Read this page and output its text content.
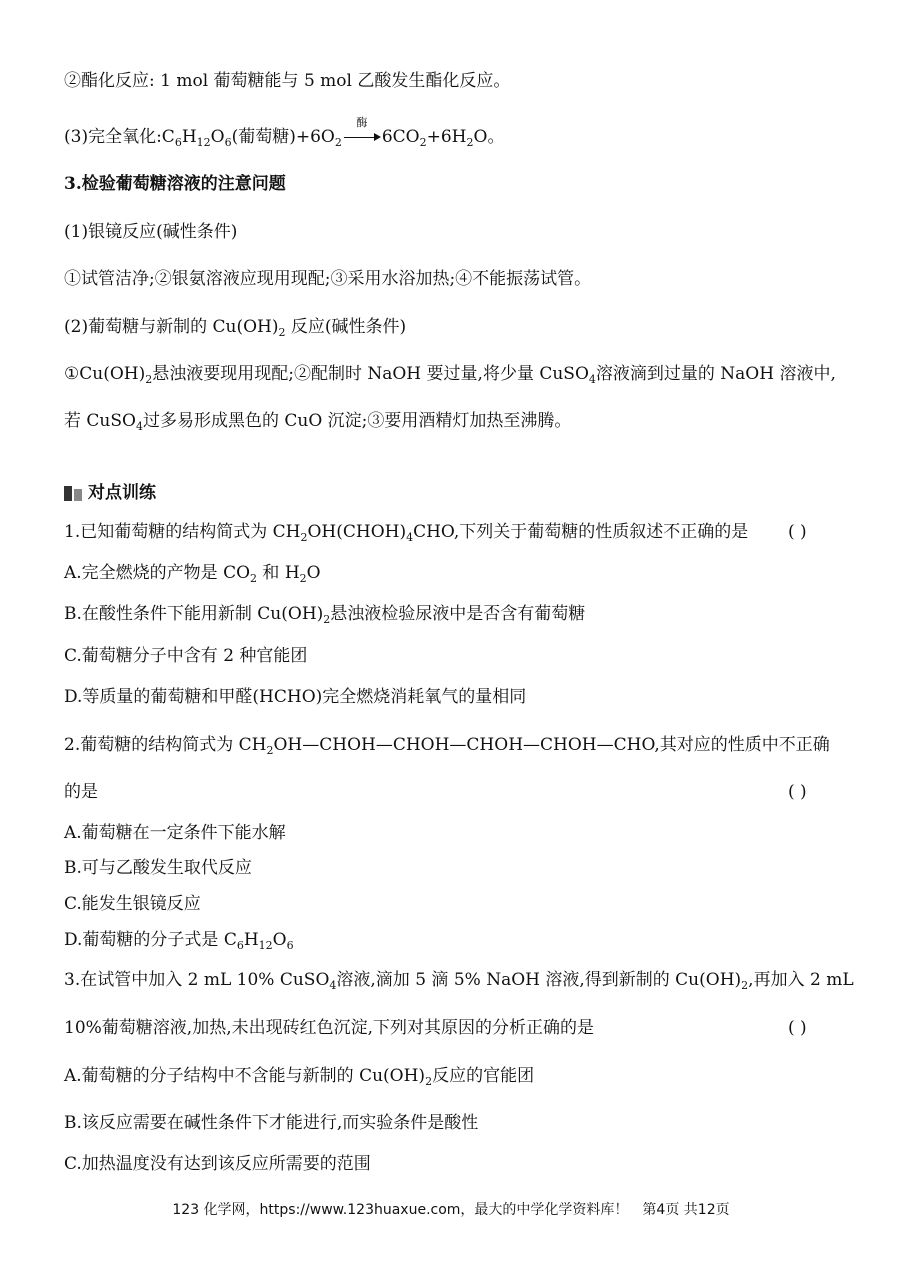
②酯化反应: 1 mol 葡萄糖能与 5 mol 乙酸发生酯化反应。
(3)完全氧化$:C_6H_{12}O_6$(葡萄糖)$+6O_2$
酶
$6CO_2+6H_2O$。
3.检验葡萄糖溶液的注意问题
(1)银镜反应(碱性条件)
①试管洁净;②银氨溶液应现用现配;③采用水浴加热;④不能振荡试管。
(2)葡萄糖与新制的 $Cu(OH)_2$ 反应(碱性条件)
$①Cu(OH)_2$悬浊液要现用现配;②配制时 NaOH 要过量,将少量 CuSO$_4$溶液滴到过量的 NaOH 溶液中,
若 CuSO$_4$过多易形成黑色的 CuO 沉淀;③要用酒精灯加热至沸腾。
对点训练
1.已知葡萄糖的结构简式为 $CH_2OH(CHOH)_4CHO$,下列关于葡萄糖的性质叙述不正确的是 ( )
A.完全燃烧的产物是 $CO_2$ 和 $H_2O$
B.在酸性条件下能用新制 $Cu(OH)_2$悬浊液检验尿液中是否含有葡萄糖
C.葡萄糖分子中含有 2 种官能团
D.等质量的葡萄糖和甲醛(HCHO)完全燃烧消耗氧气的量相同
2.葡萄糖的结构简式为 $CH_2OH—CHOH—CHOH—CHOH—CHOH—CHO$,其对应的性质中不正确
的是	( )
A.葡萄糖在一定条件下能水解
B.可与乙酸发生取代反应
C.能发生银镜反应
D.葡萄糖的分子式是 $C_6H_{12}O_6$
3.在试管中加入 2 mL 10% CuSO$_4$溶液,滴加 5 滴 5% NaOH 溶液,得到新制的 $Cu(OH)_2$,再加入 2 mL
10%葡萄糖溶液,加热,未出现砖红色沉淀,下列对其原因的分析正确的是	( )
A.葡萄糖的分子结构中不含能与新制的 $Cu(OH)_2$反应的官能团
B.该反应需要在碱性条件下才能进行,而实验条件是酸性
C.加热温度没有达到该反应所需要的范围
123 化学网，https://www.123huaxue.com，最大的中学化学资料库！　第4页 共12页
